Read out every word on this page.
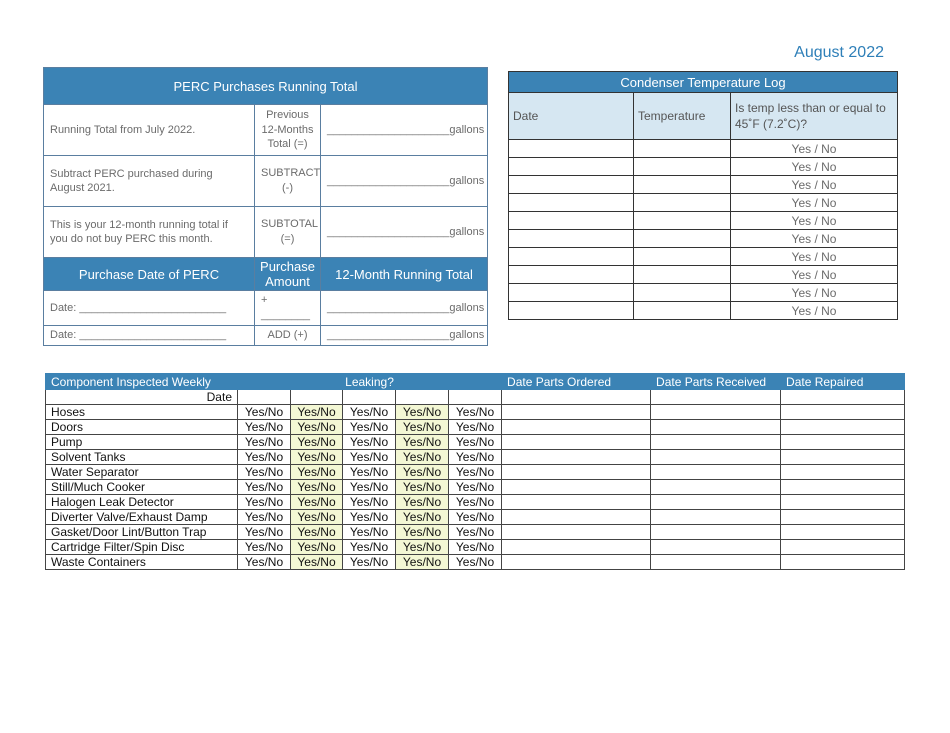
August 2022
PERC Purchases Running Total		
Running Total from July 2022.	Previous 12-Months Total (=)	____________________gallons
Subtract PERC purchased during August 2021.	SUBTRACT (-)	____________________gallons
This is your 12-month running total if you do not buy PERC this month.	SUBTOTAL (=)	____________________gallons
Purchase Date of PERC	Purchase Amount	12-Month Running Total
Date: ________________________	+ ________	____________________gallons
Date: ________________________	ADD (+)	____________________gallons
Condenser Temperature Log		
Date	Temperature	Is temp less than or equal to 45˚F (7.2˚C)?
		Yes / No
		Yes / No
		Yes / No
		Yes / No
		Yes / No
		Yes / No
		Yes / No
		Yes / No
		Yes / No
		Yes / No
Component Inspected Weekly	Leaking?					Date Parts Ordered	Date Parts Received	Date Repaired
Date								
Hoses	Yes/No	Yes/No	Yes/No	Yes/No	Yes/No			
Doors	Yes/No	Yes/No	Yes/No	Yes/No	Yes/No			
Pump	Yes/No	Yes/No	Yes/No	Yes/No	Yes/No			
Solvent Tanks	Yes/No	Yes/No	Yes/No	Yes/No	Yes/No			
Water Separator	Yes/No	Yes/No	Yes/No	Yes/No	Yes/No			
Still/Much Cooker	Yes/No	Yes/No	Yes/No	Yes/No	Yes/No			
Halogen Leak Detector	Yes/No	Yes/No	Yes/No	Yes/No	Yes/No			
Diverter Valve/Exhaust Damp	Yes/No	Yes/No	Yes/No	Yes/No	Yes/No			
Gasket/Door Lint/Button Trap	Yes/No	Yes/No	Yes/No	Yes/No	Yes/No			
Cartridge Filter/Spin Disc	Yes/No	Yes/No	Yes/No	Yes/No	Yes/No			
Waste Containers	Yes/No	Yes/No	Yes/No	Yes/No	Yes/No			
